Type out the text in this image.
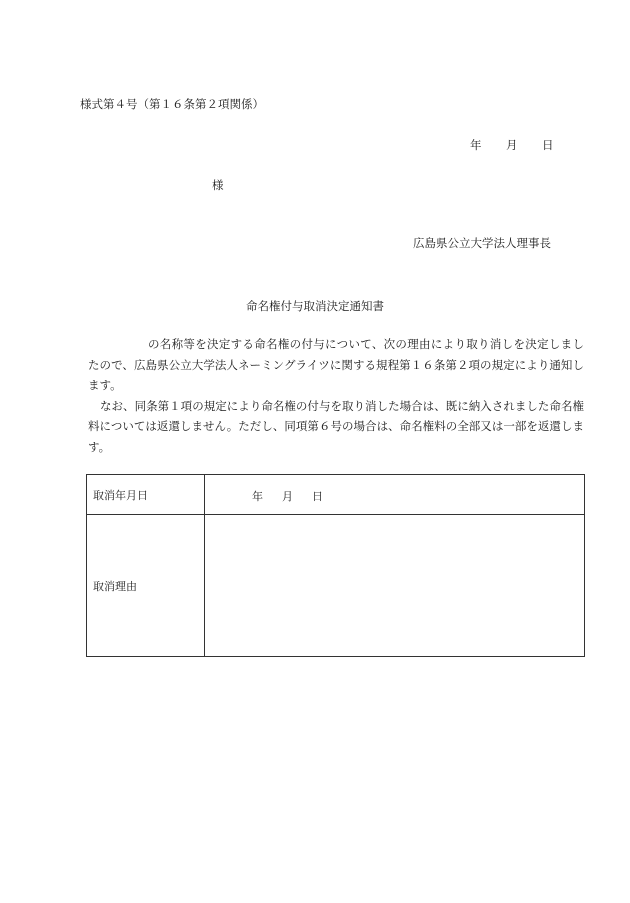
様式第４号（第１６条第２項関係）
年 月 日
様
広島県公立大学法人理事長
命名権付与取消決定通知書

の名称等を決定する命名権の付与について、次の理由により取り消しを決定しましたので、広島県公立大学法人ネーミングライツに関する規程第１６条第２項の規定により通知します。

なお、同条第１項の規定により命名権の付与を取り消した場合は、既に納入されました命名権料については返還しません。ただし、同項第６号の場合は、命名権料の全部又は一部を返還します。

取消年月日	年 月 日

取消理由	
